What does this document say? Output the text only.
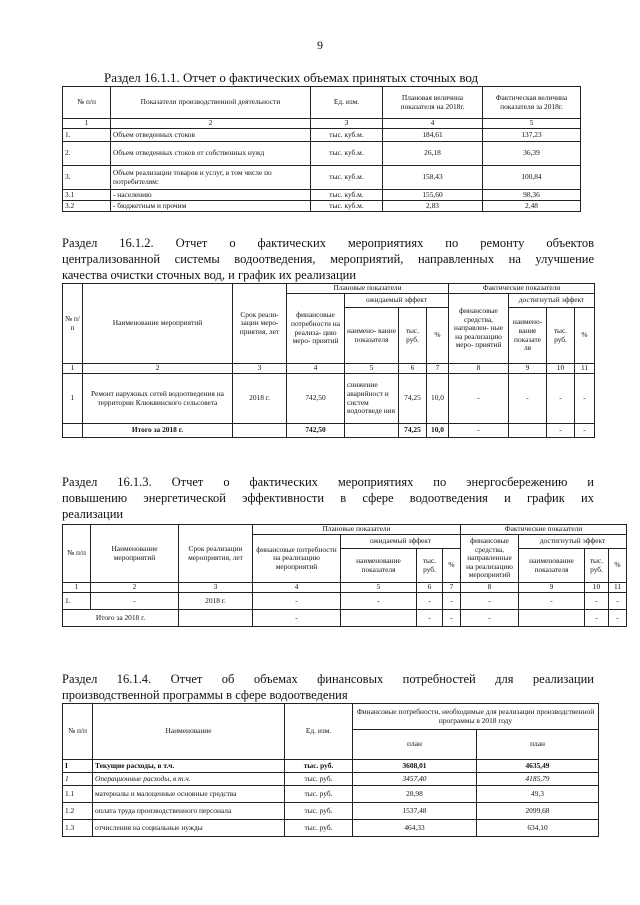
9
Раздел 16.1.1. Отчет о фактических объемах принятых сточных вод
№ п/п	Показатели производственной деятельности	Ед. изм.	Плановая величина показателя на 2018г.	Фактическая величина показателя за 2018г.
1	2	3	4	5
1.	Объем отведенных стоков	тыс. куб.м.	184,61	137,23
2.	Объем отведенных стоков от собственных нужд	тыс. куб.м.	26,18	36,39
3.	Объем реализации товаров и услуг, в том числе по потребителям:	тыс. куб.м.	158,43	100,84
3.1	- населению	тыс. куб.м.	155,60	98,36
3.2	- бюджетным и прочим	тыс. куб.м.	2,83	2,48
Раздел 16.1.2. Отчет о фактических мероприятиях по ремонту объектов
централизованной системы водоотведения, мероприятий, направленных на улучшение
качества очистки сточных вод, и график их реализации
№ п/п	Наименование мероприятий	Срок реали- зации меро- приятия, лет	Плановые показатели				Фактические показатели			
			финансовые потребности на реализа- цию меро- приятий	ожидаемый эффект			финансовые средства, направлен- ные на реализацию меро- приятий	достигнутый эффект		
				наимено- вание показателя	тыс. руб.	%		наимено- вание показате ля	тыс. руб.	%
1	2	3	4	5	6	7	8	9	10	11
1	Ремонт наружных сетей водоотведения на территории Клюквинского сельсовета	2018 г.	742,50	снижение аварийност и систем водоотведе ния	74,25	10,0	-	-	-	-
	Итого за 2018 г.		742,50		74,25	10,0	-		-	-
Раздел 16.1.3. Отчет о фактических мероприятиях по энергосбережению и
повышению энергетической эффективности в сфере водоотведения и график их
реализации
№ п/п	Наименование мероприятий	Срок реализации мероприятия, лет	Плановые показатели				Фактические показатели			
			финансовые потребности на реализацию мероприятий	ожидаемый эффект			финансовые средства, направленные на реализацию мероприятий	достигнутый эффект		
				наименование показателя	тыс. руб.	%		наименование показателя	тыс. руб.	%
1	2	3	4	5	6	7	8	9	10	11
1.	-	2018 г.	-	-	-	-	-	-	-	-
Итого за 2018 г.			-		-	-	-		-	-
Раздел 16.1.4. Отчет об объемах финансовых потребностей для реализации
производственной программы в сфере водоотведения
№ п/п	Наименование	Ед. изм.	Финансовые потребности, необходимые для реализации производственной программы в 2018 году	
			план	план
I	Текущие расходы, в т.ч.	тыс. руб.	3608,01	4635,49
1	Операционные расходы, в т.ч.	тыс. руб.	3457,40	4185,79
1.1	материалы и малоценные основные средства	тыс. руб.	28,98	49,3
1.2	оплата труда производственного персонала	тыс. руб.	1537,48	2099,68
1.3	отчисления на социальные нужды	тыс. руб.	464,33	634,10
